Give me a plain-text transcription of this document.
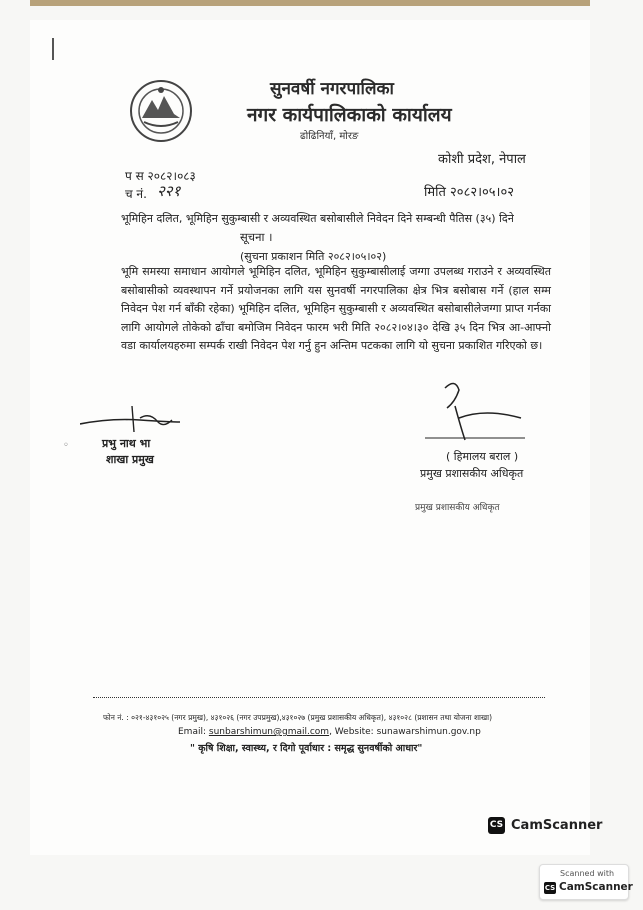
सुनवर्षी नगरपालिका
नगर कार्यपालिकाको कार्यालय
ढोढिनियाँ, मोरङ
कोशी प्रदेश, नेपाल
प स २०८२।०८३
च नं. २२१	मिति २०८२।०५।०२
भूमिहिन दलित, भूमिहिन सुकुम्बासी र अव्यवस्थित बसोबासीले निवेदन दिने सम्बन्धी पैतिस (३५) दिने
सूचना ।
(सुचना प्रकाशन मिति २०८२।०५।०२)

भूमि समस्या समाधान आयोगले भूमिहिन दलित, भूमिहिन सुकुम्बासीलाई जग्गा उपलब्ध गराउने र अव्यवस्थित बसोबासीको व्यवस्थापन गर्ने प्रयोजनका लागि यस सुनवर्षी नगरपालिका क्षेत्र भित्र बसोबास गर्ने (हाल सम्म निवेदन पेश गर्न बाँकी रहेका) भूमिहिन दलित, भूमिहिन सुकुम्बासी र अव्यवस्थित बसोबासीलेजग्गा प्राप्त गर्नका लागि आयोगले तोकेको ढाँचा बमोजिम निवेदन फारम भरी मिति २०८२।०४।३० देखि ३५ दिन भित्र आ-आफ्नो वडा कार्यालयहरुमा सम्पर्क राखी निवेदन पेश गर्नु हुन अन्तिम पटकका लागि यो सुचना प्रकाशित गरिएको छ।

◦	प्रभु नाथ भा
शाखा प्रमुख	( हिमालय बराल )
प्रमुख प्रशासकीय अधिकृत
प्रमुख प्रशासकीय अधिकृत
फोन नं. : ०२१-४३१०२५ (नगर प्रमुख), ४३१०२६ (नगर उपप्रमुख),४३१०२७ (प्रमुख प्रशासकीय अधिकृत), ४३१०२८ (प्रशासन तथा योजना शाखा)
Email: sunbarshimun@gmail.com, Website: sunawarshimun.gov.np
" कृषि शिक्षा, स्वास्थ्य, र दिगो पूर्वाधार : समृद्ध सुनवर्षीको आधार"
CS CamScanner
Scanned with
CS CamScanner
